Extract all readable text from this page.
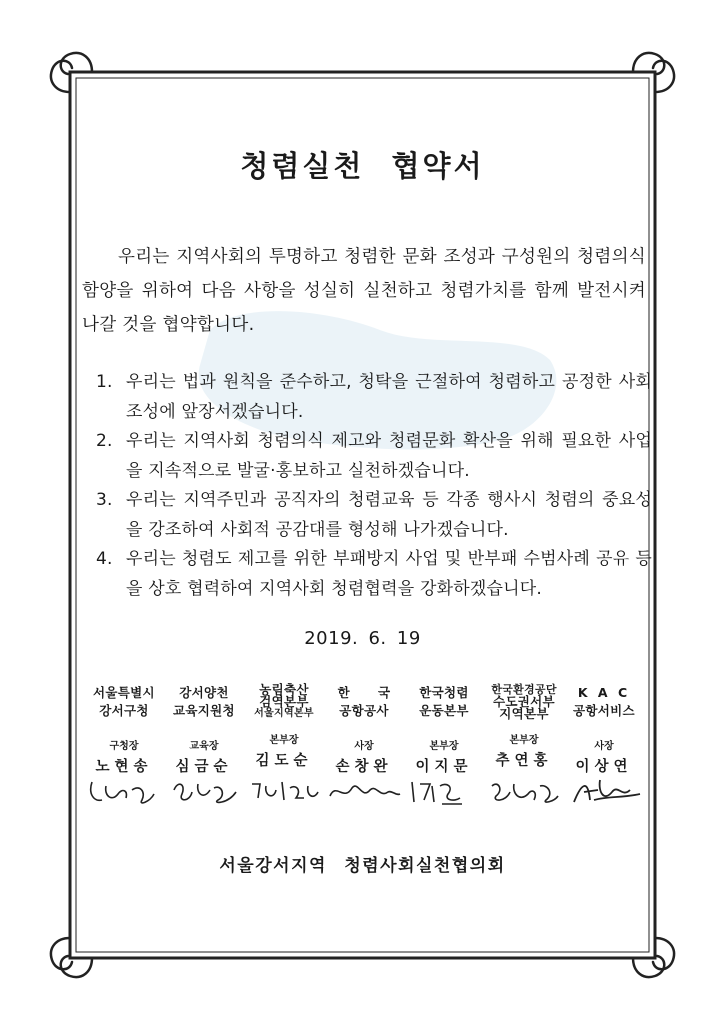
청렴실천 협약서
우리는 지역사회의 투명하고 청렴한 문화 조성과 구성원의 청렴의식 함양을 위하여 다음 사항을 성실히 실천하고 청렴가치를 함께 발전시켜 나갈 것을 협약합니다.
1. 우리는 법과 원칙을 준수하고, 청탁을 근절하여 청렴하고 공정한 사회 조성에 앞장서겠습니다.
2. 우리는 지역사회 청렴의식 제고와 청렴문화 확산을 위해 필요한 사업을 지속적으로 발굴·홍보하고 실천하겠습니다.
3. 우리는 지역주민과 공직자의 청렴교육 등 각종 행사시 청렴의 중요성을 강조하여 사회적 공감대를 형성해 나가겠습니다.
4. 우리는 청렴도 제고를 위한 부패방지 사업 및 반부패 수범사례 공유 등을 상호 협력하여 지역사회 청렴협력을 강화하겠습니다.
2019. 6. 19
서울특별시
강서구청
구청장
노현송
강서양천
교육지원청
교육장
심금순
농림축산
검역본부
서울지역본부
본부장
김도순
한      국
공항공사
사장
손창완
한국청렴
운동본부
본부장
이지문
한국환경공단
수도권서부
지역본부
본부장
추연홍
K A C
공항서비스
사장
이상연
서울강서지역 청렴사회실천협의회
